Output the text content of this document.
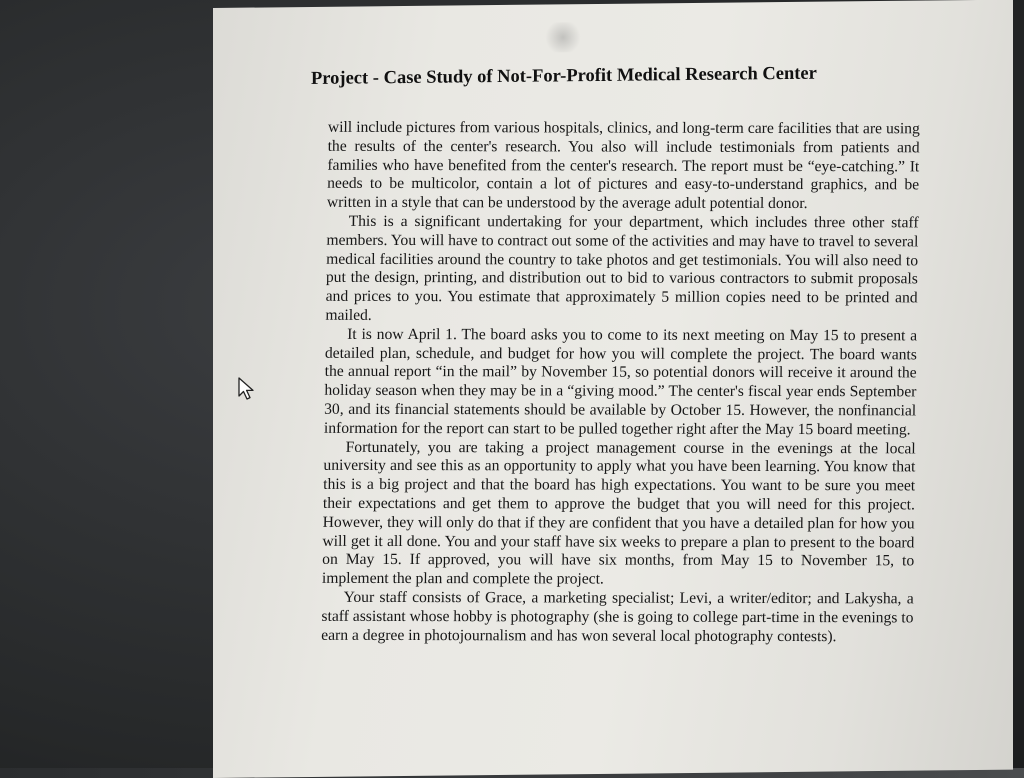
Project - Case Study of Not-For-Profit Medical Research Center

will include pictures from various hospitals, clinics, and long-term care facilities that are using the results of the center's research. You also will include testimonials from patients and families who have benefited from the center's research. The report must be “eye-catching.” It needs to be multicolor, contain a lot of pictures and easy-to-understand graphics, and be written in a style that can be understood by the average adult potential donor.

This is a significant undertaking for your department, which includes three other staff members. You will have to contract out some of the activities and may have to travel to several medical facilities around the country to take photos and get testimonials. You will also need to put the design, printing, and distribution out to bid to various contractors to submit proposals and prices to you. You estimate that approximately 5 million copies need to be printed and mailed.

It is now April 1. The board asks you to come to its next meeting on May 15 to present a detailed plan, schedule, and budget for how you will complete the project. The board wants the annual report “in the mail” by November 15, so potential donors will receive it around the holiday season when they may be in a “giving mood.” The center's fiscal year ends September 30, and its financial statements should be available by October 15. However, the nonfinancial information for the report can start to be pulled together right after the May 15 board meeting.

Fortunately, you are taking a project management course in the evenings at the local university and see this as an opportunity to apply what you have been learning. You know that this is a big project and that the board has high expectations. You want to be sure you meet their expectations and get them to approve the budget that you will need for this project. However, they will only do that if they are confident that you have a detailed plan for how you will get it all done. You and your staff have six weeks to prepare a plan to present to the board on May 15. If approved, you will have six months, from May 15 to November 15, to implement the plan and complete the project.

Your staff consists of Grace, a marketing specialist; Levi, a writer/editor; and Lakysha, a staff assistant whose hobby is photography (she is going to college part-time in the evenings to earn a degree in photojournalism and has won several local photography contests).
